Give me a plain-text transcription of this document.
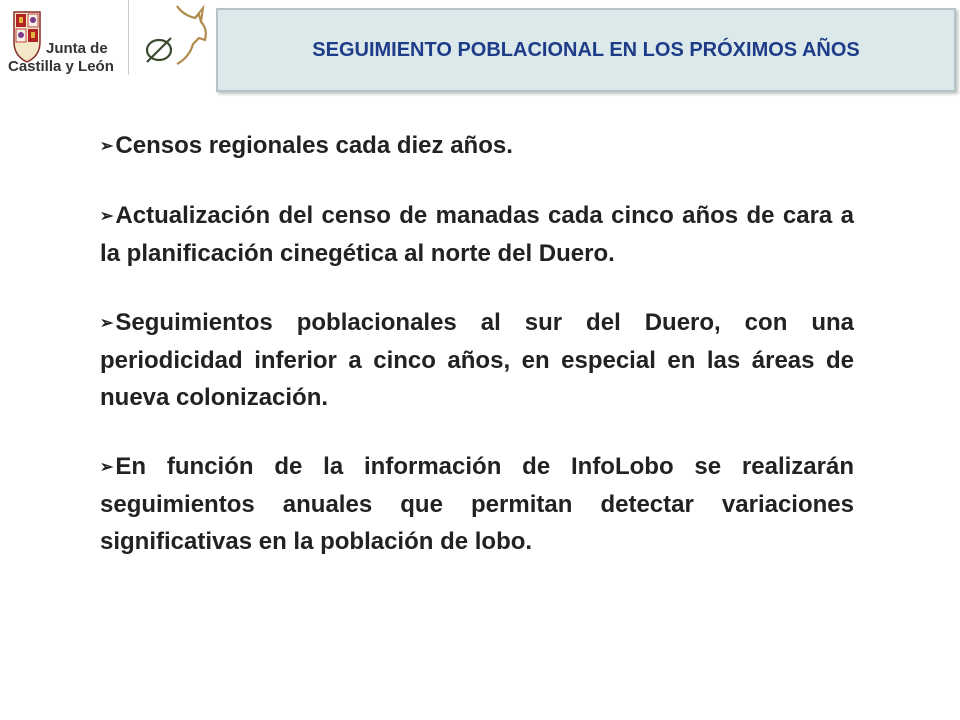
Junta de
Castilla y León
SEGUIMIENTO POBLACIONAL EN LOS PRÓXIMOS AÑOS

➢Censos regionales cada diez años.

➢Actualización del censo de manadas cada cinco años de cara a la planificación cinegética al norte del Duero.

➢Seguimientos poblacionales al sur del Duero, con una periodicidad inferior a cinco años, en especial en las áreas de nueva colonización.

➢En función de la información de InfoLobo se realizarán seguimientos anuales que permitan detectar variaciones significativas en la población de lobo.
